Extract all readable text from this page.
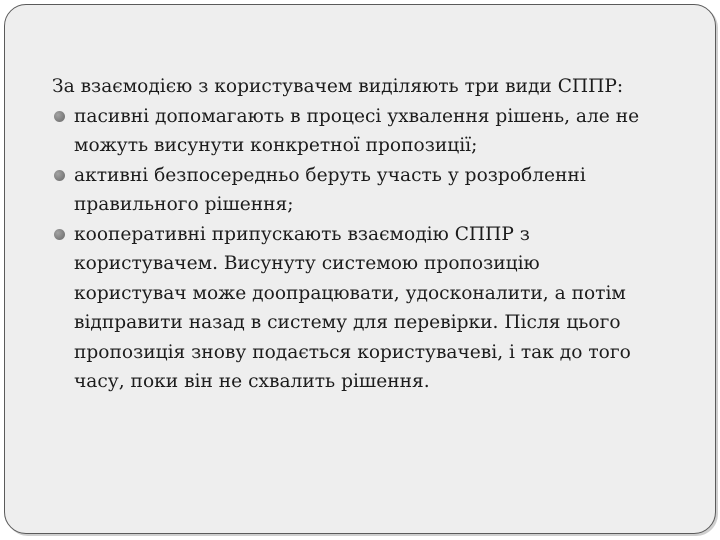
За взаємодією з користувачем виділяють три види СППР:

пасивні допомагають в процесі ухвалення рішень, але не
можуть висунути конкретної пропозиції;
активні безпосередньо беруть участь у розробленні
правильного рішення;
кооперативні припускають взаємодію СППР з
користувачем. Висунуту системою пропозицію
користувач може доопрацювати, удосконалити, а потім
відправити назад в систему для перевірки. Після цього
пропозиція знову подається користувачеві, і так до того
часу, поки він не схвалить рішення.
